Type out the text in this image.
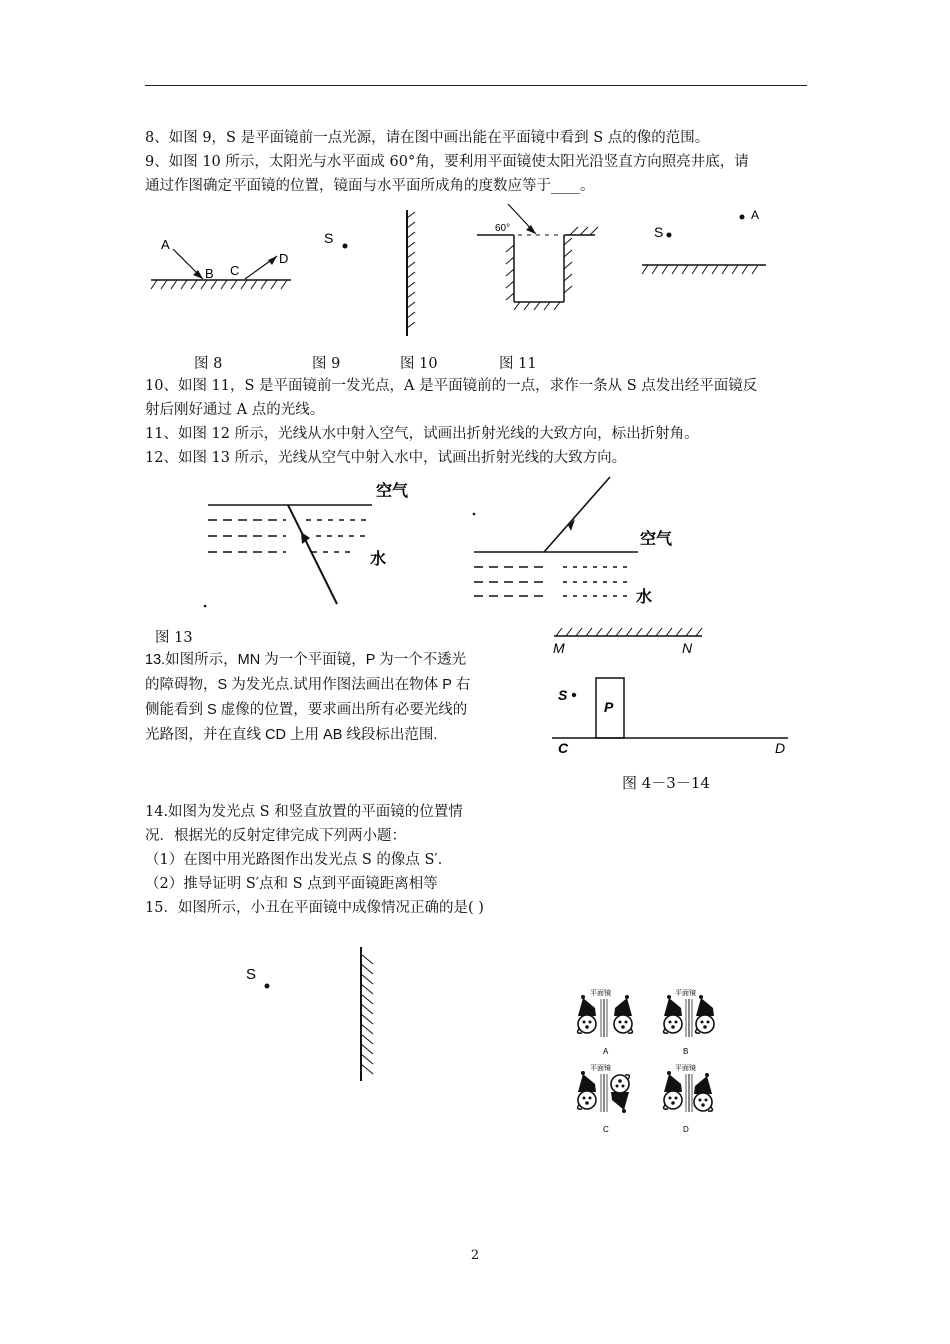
8、如图 9，S 是平面镜前一点光源，请在图中画出能在平面镜中看到 S 点的像的范围。
9、如图 10 所示，太阳光与水平面成 60°角，要利用平面镜使太阳光沿竖直方向照亮井底，请
通过作图确定平面镜的位置，镜面与水平面所成角的度数应等于____。
A
B C
D
S
60°	S
A
图 8	图 9	图 10	图 11
10、如图 11，S 是平面镜前一发光点，A 是平面镜前的一点，求作一条从 S 点发出经平面镜反
射后刚好通过 A 点的光线。
11、如图 12 所示，光线从水中射入空气，试画出折射光线的大致方向，标出折射角。
12、如图 13 所示，光线从空气中射入水中，试画出折射光线的大致方向。
空气
水
空气
水
图 13
13.如图所示，MN 为一个平面镜，P 为一个不透光
的障碍物，S 为发光点.试用作图法画出在物体 P 右
侧能看到 S 虚像的位置，要求画出所有必要光线的
光路图，并在直线 CD 上用 AB 线段标出范围.
M	N
S
P
C	D
图 4－3－14
14.如图为发光点 S 和竖直放置的平面镜的位置情
况．根据光的反射定律完成下列两小题：
（1）在图中用光路图作出发光点 S 的像点 S′．
（2）推导证明 S′点和 S 点到平面镜距离相等
15．如图所示，小丑在平面镜中成像情况正确的是( )
S
平面镜
A
平面镜
B
平面镜
C
平面镜
D
2
